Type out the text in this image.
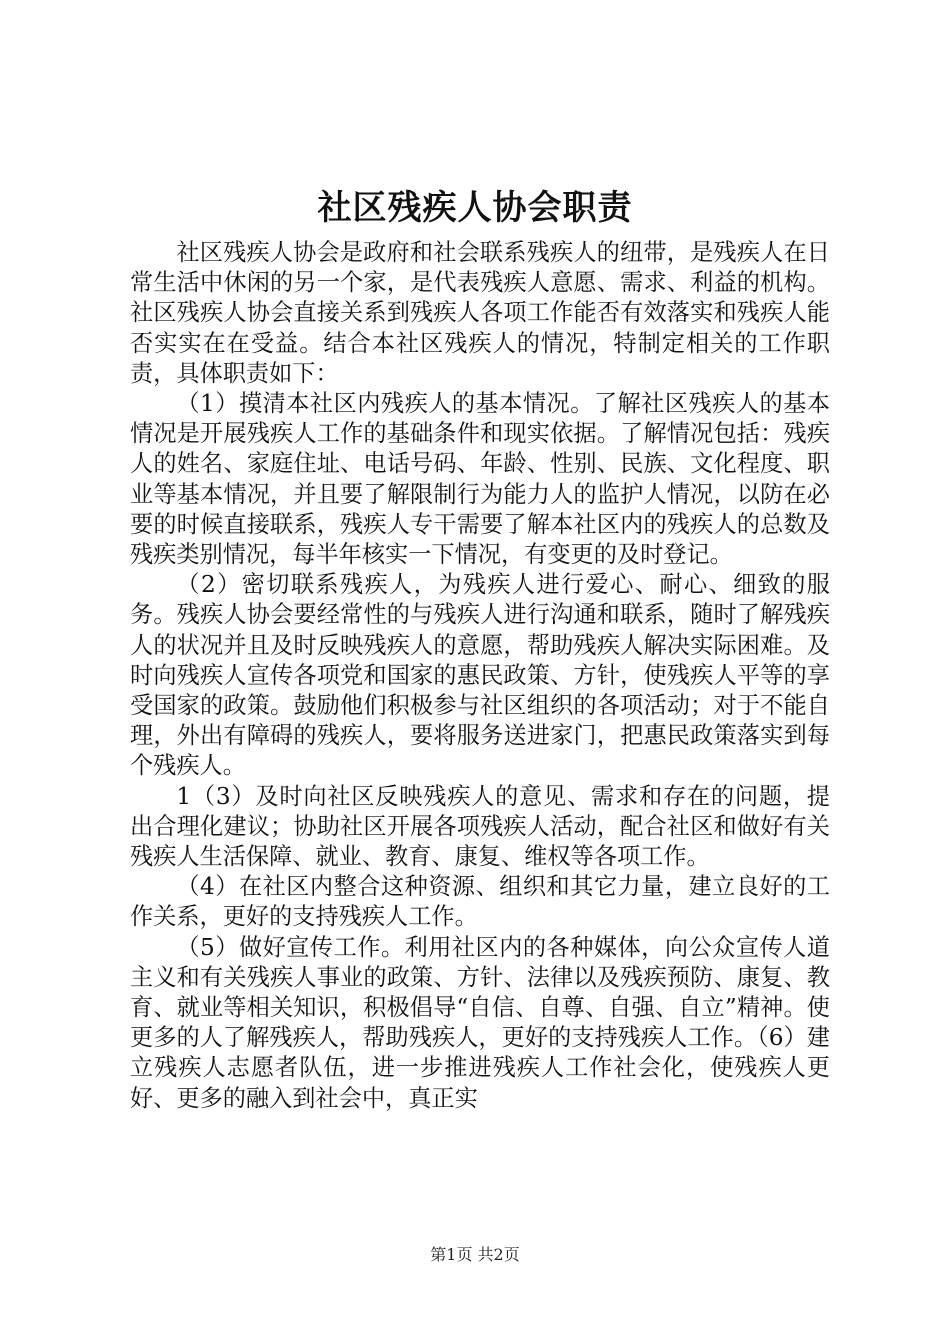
社区残疾人协会职责

社区残疾人协会是政府和社会联系残疾人的纽带，是残疾人在日常生活中休闲的另一个家，是代表残疾人意愿、需求、利益的机构。社区残疾人协会直接关系到残疾人各项工作能否有效落实和残疾人能否实实在在受益。结合本社区残疾人的情况，特制定相关的工作职责，具体职责如下：

（1）摸清本社区内残疾人的基本情况。了解社区残疾人的基本情况是开展残疾人工作的基础条件和现实依据。了解情况包括：残疾人的姓名、家庭住址、电话号码、年龄、性别、民族、文化程度、职业等基本情况，并且要了解限制行为能力人的监护人情况，以防在必要的时候直接联系，残疾人专干需要了解本社区内的残疾人的总数及残疾类别情况，每半年核实一下情况，有变更的及时登记。

（2）密切联系残疾人，为残疾人进行爱心、耐心、细致的服务。残疾人协会要经常性的与残疾人进行沟通和联系，随时了解残疾人的状况并且及时反映残疾人的意愿，帮助残疾人解决实际困难。及时向残疾人宣传各项党和国家的惠民政策、方针，使残疾人平等的享受国家的政策。鼓励他们积极参与社区组织的各项活动；对于不能自理，外出有障碍的残疾人，要将服务送进家门，把惠民政策落实到每个残疾人。

1（3）及时向社区反映残疾人的意见、需求和存在的问题，提出合理化建议；协助社区开展各项残疾人活动，配合社区和做好有关残疾人生活保障、就业、教育、康复、维权等各项工作。

（4）在社区内整合这种资源、组织和其它力量，建立良好的工作关系，更好的支持残疾人工作。

（5）做好宣传工作。利用社区内的各种媒体，向公众宣传人道主义和有关残疾人事业的政策、方针、法律以及残疾预防、康复、教育、就业等相关知识，积极倡导“自信、自尊、自强、自立”精神。使更多的人了解残疾人，帮助残疾人，更好的支持残疾人工作。（6）建立残疾人志愿者队伍，进一步推进残疾人工作社会化，使残疾人更好、更多的融入到社会中，真正实

第1页 共2页
